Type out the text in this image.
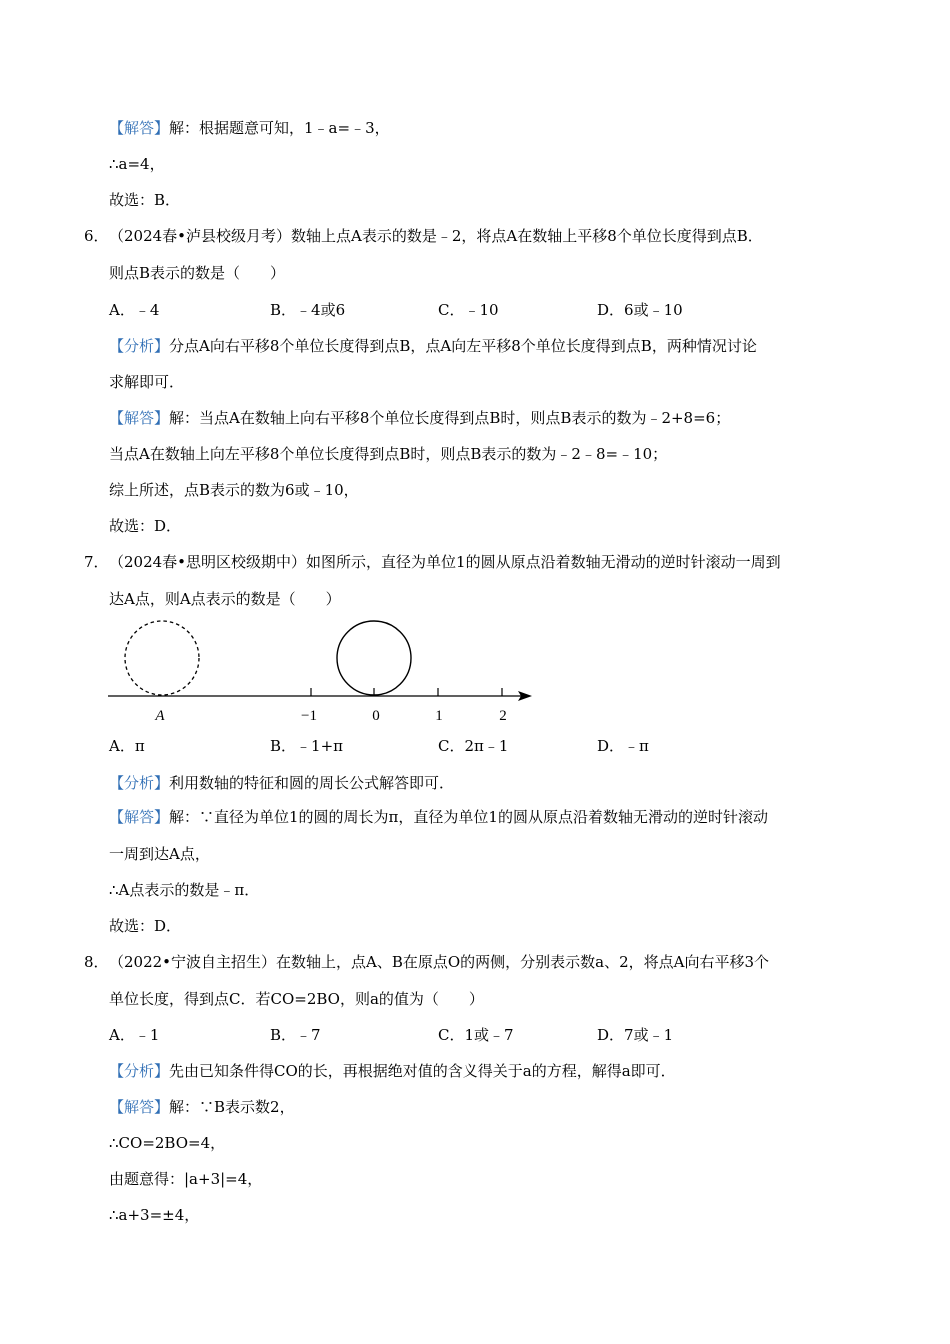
【解答】解：根据题意可知，1﹣a=﹣3，
∴a=4，
故选：B．
6． （2024春•泸县校级月考）数轴上点A表示的数是﹣2，将点A在数轴上平移8个单位长度得到点B．
则点B表示的数是（　　）
A．﹣4	B．﹣4或6	C．﹣10	D．6或﹣10
【分析】分点A向右平移8个单位长度得到点B，点A向左平移8个单位长度得到点B，两种情况讨论
求解即可．
【解答】解：当点A在数轴上向右平移8个单位长度得到点B时，则点B表示的数为﹣2+8=6；
当点A在数轴上向左平移8个单位长度得到点B时，则点B表示的数为﹣2﹣8=﹣10；
综上所述，点B表示的数为6或﹣10，
故选：D．
7． （2024春•思明区校级期中）如图所示，直径为单位1的圆从原点沿着数轴无滑动的逆时针滚动一周到
达A点，则A点表示的数是（　　）
A	−1	0	1	2
A．π	B．﹣1+π	C．2π﹣1	D．﹣π
【分析】利用数轴的特征和圆的周长公式解答即可．
【解答】解：∵直径为单位1的圆的周长为π，直径为单位1的圆从原点沿着数轴无滑动的逆时针滚动
一周到达A点，
∴A点表示的数是﹣π．
故选：D．
8． （2022•宁波自主招生）在数轴上，点A、B在原点O的两侧，分别表示数a、2，将点A向右平移3个
单位长度，得到点C．若CO=2BO，则a的值为（　　）
A．﹣1	B．﹣7	C．1或﹣7	D．7或﹣1
【分析】先由已知条件得CO的长，再根据绝对值的含义得关于a的方程，解得a即可．
【解答】解：∵B表示数2，
∴CO=2BO=4，
由题意得：|a+3|=4，
∴a+3=±4，
